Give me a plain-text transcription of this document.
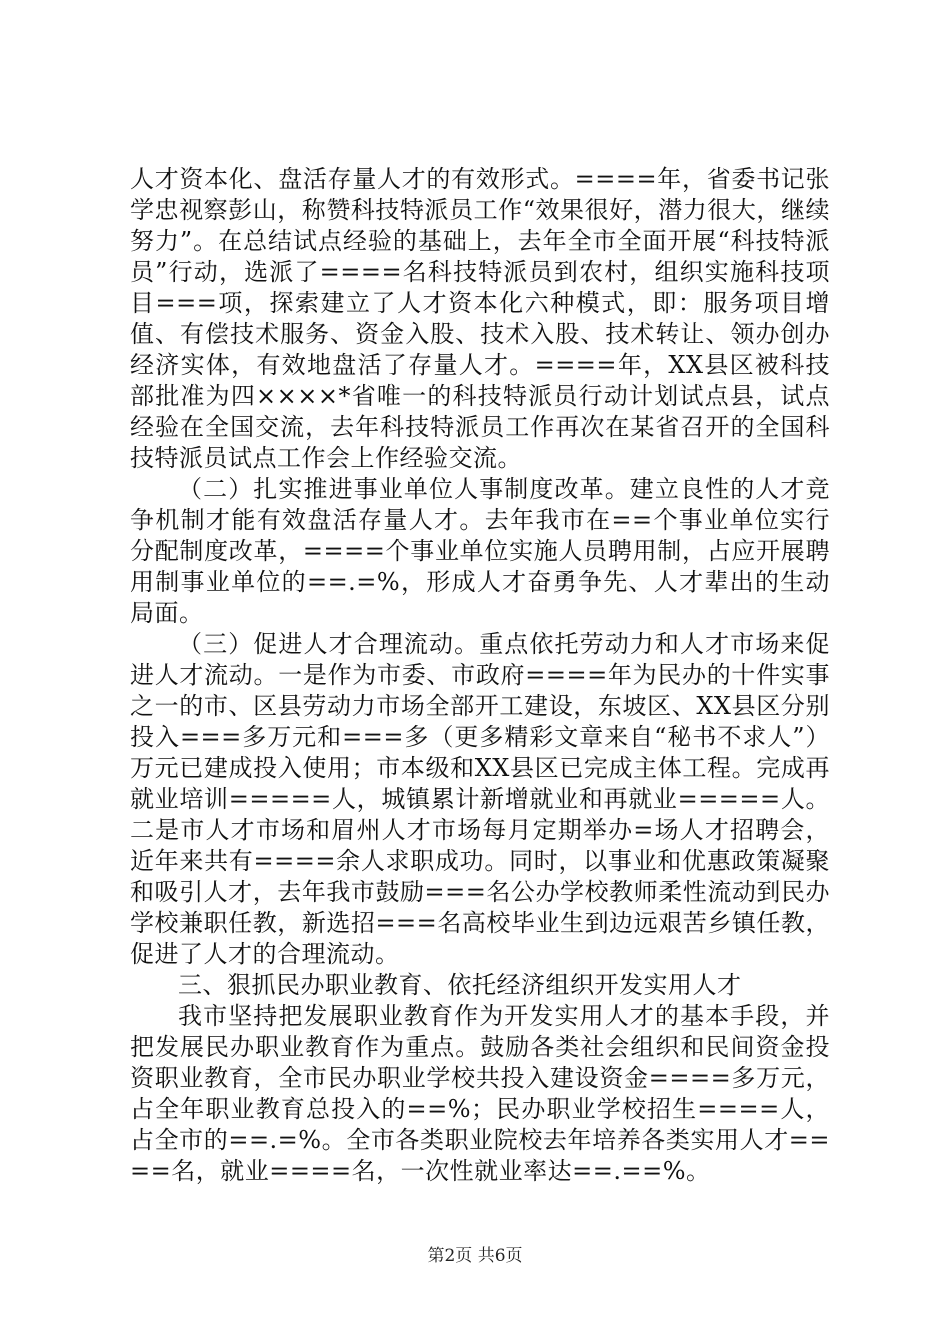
人才资本化、盘活存量人才的有效形式。====年，省委书记张学忠视察彭山，称赞科技特派员工作“效果很好，潜力很大，继续努力”。在总结试点经验的基础上，去年全市全面开展“科技特派员”行动，选派了====名科技特派员到农村，组织实施科技项目===项，探索建立了人才资本化六种模式，即：服务项目增值、有偿技术服务、资金入股、技术入股、技术转让、领办创办经济实体，有效地盘活了存量人才。====年，XX县区被科技部批准为四××××*省唯一的科技特派员行动计划试点县，试点经验在全国交流，去年科技特派员工作再次在某省召开的全国科技特派员试点工作会上作经验交流。

（二）扎实推进事业单位人事制度改革。建立良性的人才竞争机制才能有效盘活存量人才。去年我市在==个事业单位实行分配制度改革，====个事业单位实施人员聘用制，占应开展聘用制事业单位的==.=%，形成人才奋勇争先、人才辈出的生动局面。

（三）促进人才合理流动。重点依托劳动力和人才市场来促进人才流动。一是作为市委、市政府====年为民办的十件实事之一的市、区县劳动力市场全部开工建设，东坡区、XX县区分别投入===多万元和===多（更多精彩文章来自“秘书不求人”）万元已建成投入使用；市本级和XX县区已完成主体工程。完成再就业培训=====人，城镇累计新增就业和再就业=====人。二是市人才市场和眉州人才市场每月定期举办=场人才招聘会，近年来共有====余人求职成功。同时，以事业和优惠政策凝聚和吸引人才，去年我市鼓励===名公办学校教师柔性流动到民办学校兼职任教，新选招===名高校毕业生到边远艰苦乡镇任教，促进了人才的合理流动。

三、狠抓民办职业教育、依托经济组织开发实用人才

我市坚持把发展职业教育作为开发实用人才的基本手段，并把发展民办职业教育作为重点。鼓励各类社会组织和民间资金投资职业教育，全市民办职业学校共投入建设资金====多万元，占全年职业教育总投入的==%；民办职业学校招生====人，占全市的==.=%。全市各类职业院校去年培养各类实用人才====名，就业====名，一次性就业率达==.==%。

第2页 共6页
